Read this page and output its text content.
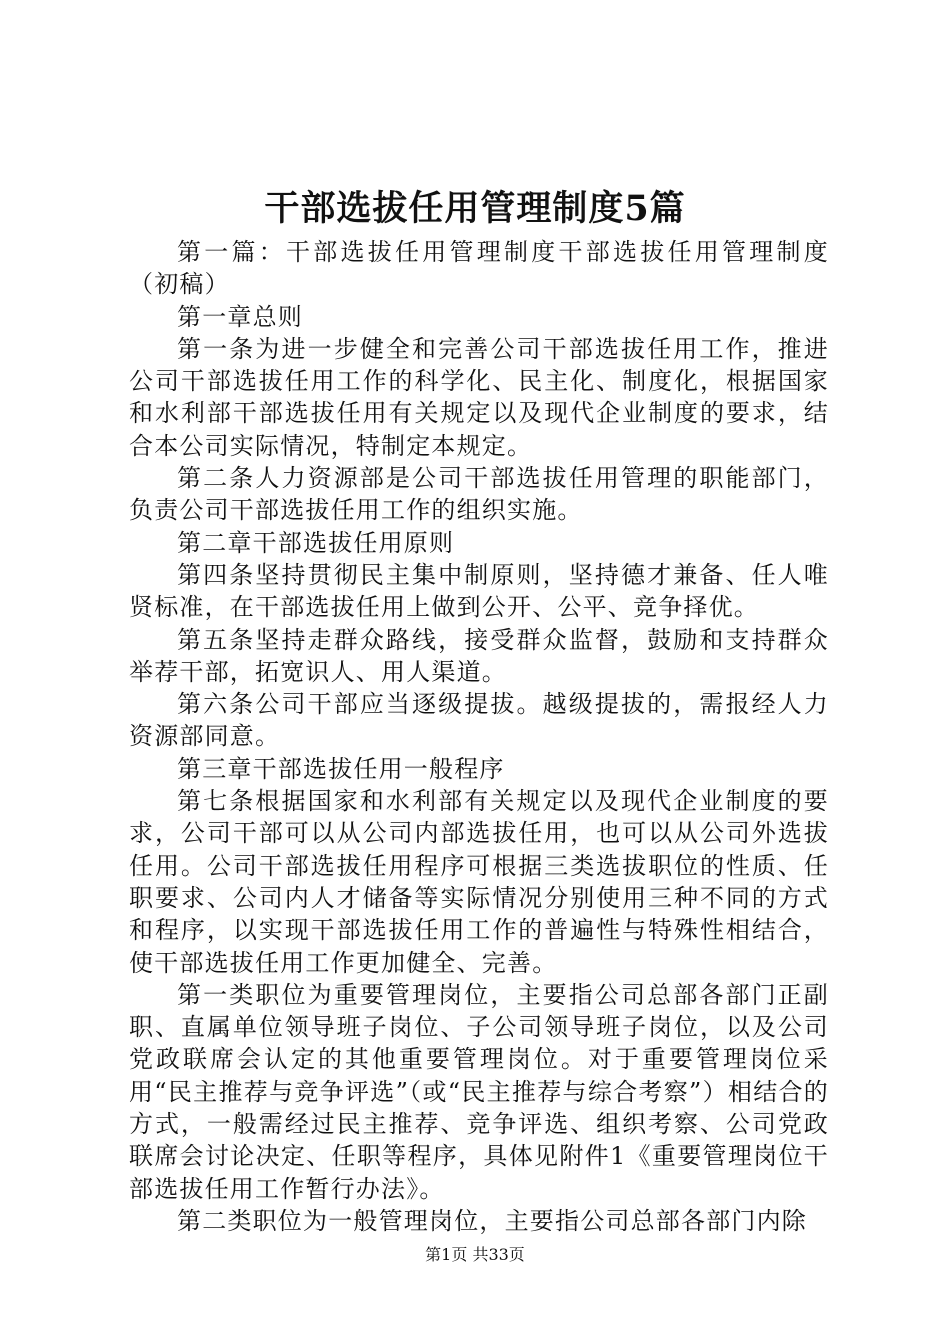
干部选拔任用管理制度5篇

第一篇：干部选拔任用管理制度干部选拔任用管理制度（初稿）

第一章总则

第一条为进一步健全和完善公司干部选拔任用工作，推进公司干部选拔任用工作的科学化、民主化、制度化，根据国家和水利部干部选拔任用有关规定以及现代企业制度的要求，结合本公司实际情况，特制定本规定。

第二条人力资源部是公司干部选拔任用管理的职能部门，负责公司干部选拔任用工作的组织实施。

第二章干部选拔任用原则

第四条坚持贯彻民主集中制原则，坚持德才兼备、任人唯贤标准，在干部选拔任用上做到公开、公平、竞争择优。

第五条坚持走群众路线，接受群众监督，鼓励和支持群众举荐干部，拓宽识人、用人渠道。

第六条公司干部应当逐级提拔。越级提拔的，需报经人力资源部同意。

第三章干部选拔任用一般程序

第七条根据国家和水利部有关规定以及现代企业制度的要求，公司干部可以从公司内部选拔任用，也可以从公司外选拔任用。公司干部选拔任用程序可根据三类选拔职位的性质、任职要求、公司内人才储备等实际情况分别使用三种不同的方式和程序，以实现干部选拔任用工作的普遍性与特殊性相结合，使干部选拔任用工作更加健全、完善。

第一类职位为重要管理岗位，主要指公司总部各部门正副职、直属单位领导班子岗位、子公司领导班子岗位，以及公司党政联席会认定的其他重要管理岗位。对于重要管理岗位采用“民主推荐与竞争评选”（或“民主推荐与综合考察”）相结合的方式，一般需经过民主推荐、竞争评选、组织考察、公司党政联席会讨论决定、任职等程序，具体见附件1《重要管理岗位干部选拔任用工作暂行办法》。

第二类职位为一般管理岗位，主要指公司总部各部门内除

第1页 共33页
